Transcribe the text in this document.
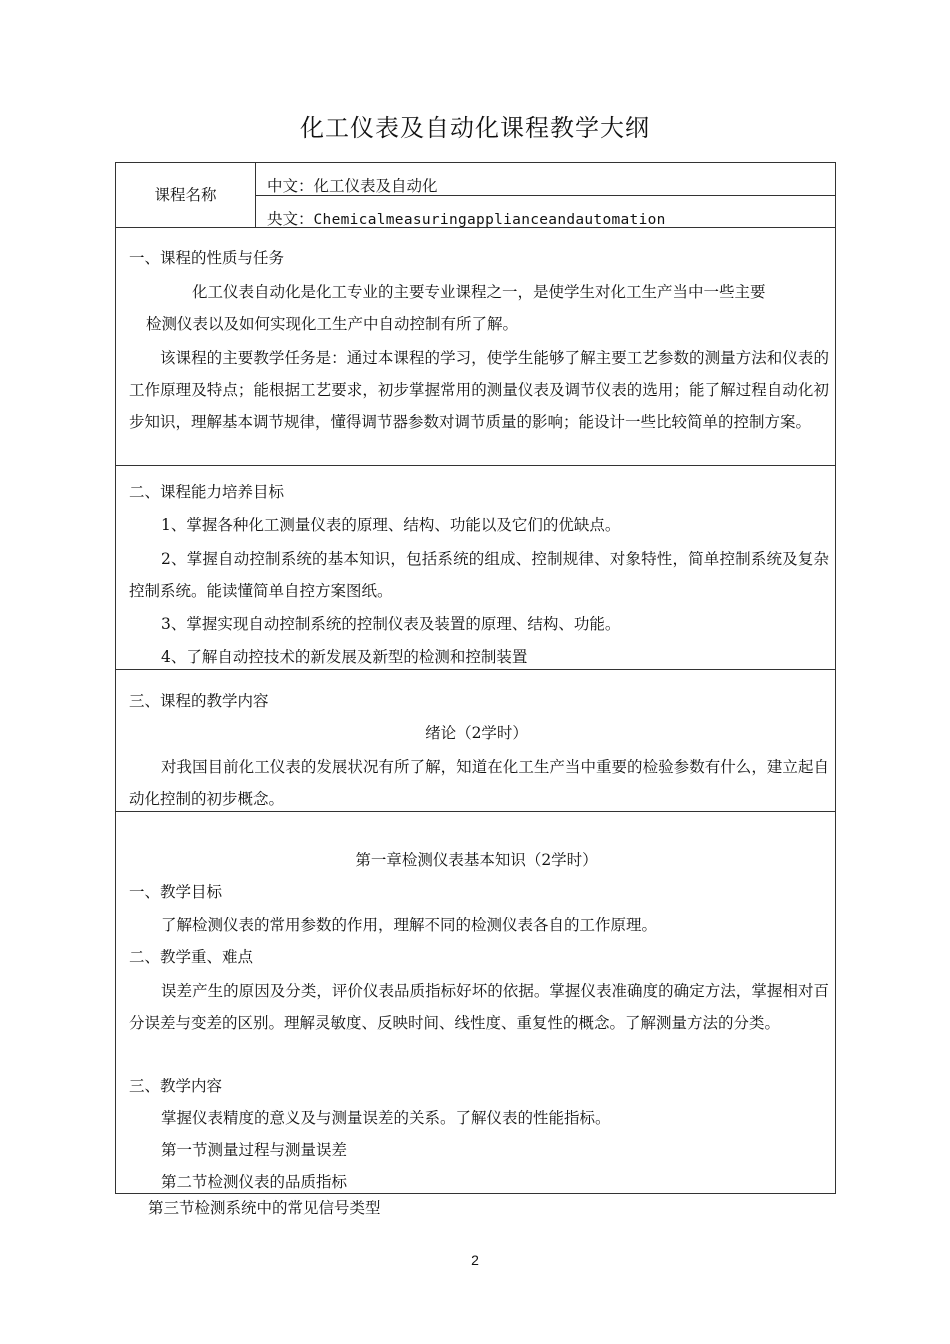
化工仪表及自动化课程教学大纲
课程名称	中文：化工仪表及自动化
央文：Chemicalmeasuringapplianceandautomation
一、课程的性质与任务
化工仪表自动化是化工专业的主要专业课程之一，是使学生对化工生产当中一些主要
检测仪表以及如何实现化工生产中自动控制有所了解。
该课程的主要教学任务是：通过本课程的学习，使学生能够了解主要工艺参数的测量方法和仪表的工作原理及特点；能根据工艺要求，初步掌握常用的测量仪表及调节仪表的选用；能了解过程自动化初步知识，理解基本调节规律，懂得调节器参数对调节质量的影响；能设计一些比较简单的控制方案。
二、课程能力培养目标
1、掌握各种化工测量仪表的原理、结构、功能以及它们的优缺点。
2、掌握自动控制系统的基本知识，包括系统的组成、控制规律、对象特性，简单控制系统及复杂控制系统。能读懂简单自控方案图纸。
3、掌握实现自动控制系统的控制仪表及装置的原理、结构、功能。
4、了解自动控技术的新发展及新型的检测和控制装置
三、课程的教学内容
绪论（2学时）
对我国目前化工仪表的发展状况有所了解，知道在化工生产当中重要的检验参数有什么，建立起自动化控制的初步概念。
第一章检测仪表基本知识（2学时）
一、教学目标
了解检测仪表的常用参数的作用，理解不同的检测仪表各自的工作原理。
二、教学重、难点
误差产生的原因及分类，评价仪表品质指标好坏的依据。掌握仪表准确度的确定方法，掌握相对百分误差与变差的区别。理解灵敏度、反映时间、线性度、重复性的概念。了解测量方法的分类。
三、教学内容
掌握仪表精度的意义及与测量误差的关系。了解仪表的性能指标。
第一节测量过程与测量误差
第二节检测仪表的品质指标
第三节检测系统中的常见信号类型
2
